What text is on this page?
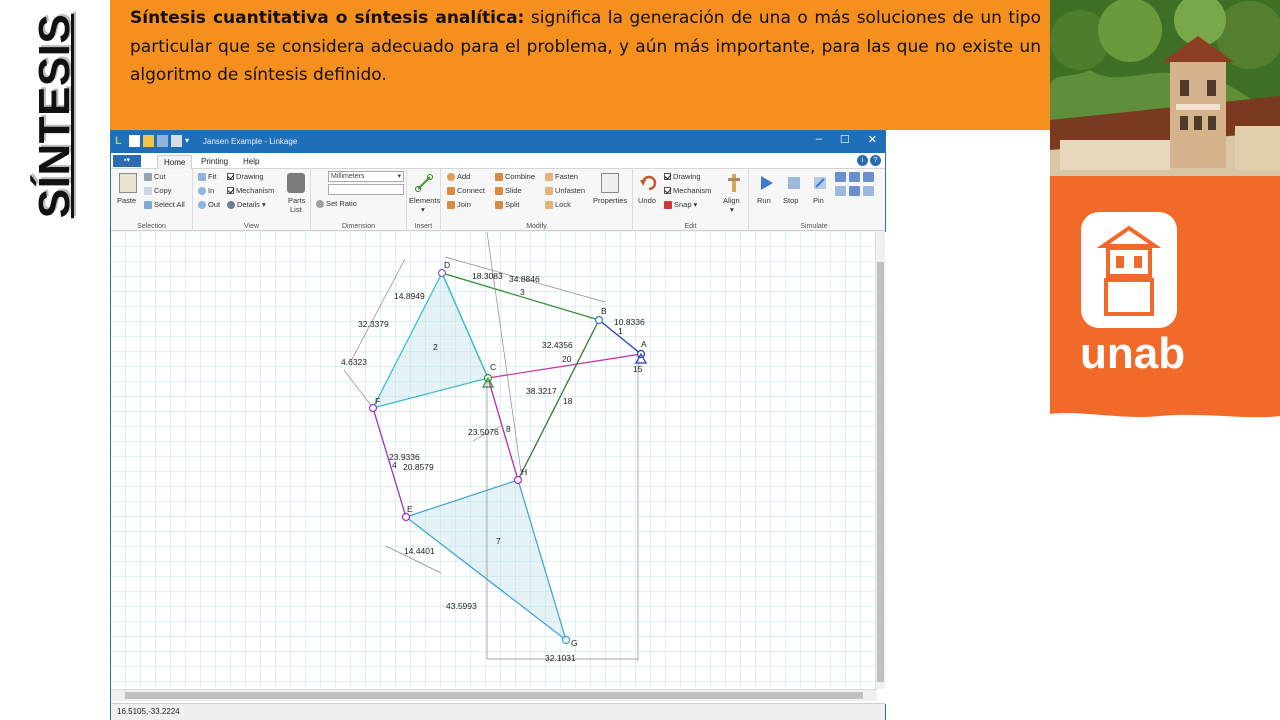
SÍNTESIS	Síntesis cuantitativa o síntesis analítica: significa la generación de una o más soluciones de un tipo particular que se considera adecuado para el problema, y aún más importante, para las que no existe un algoritmo de síntesis definido.

unab
L	▾	Jansen Example - Linkage	– ☐ ✕
▪▾	Home	Printing	Help	i	?
Paste
Cut
Copy
Select All
Selection
Fit
In
Out
Drawing
Mechanism
Details ▾	Parts
List
View
Millimeters	▾
Set Ratio
Dimension
Elements
▾
Insert
Add
Connect
Join
Combine
Slide
Split
Fasten
Unfasten
Lock	Properties
Modify
Undo
Drawing
Mechanism
Snap ▾	Align
▾
Edit
Run Stop Pin
Simulate
D
B
A
C
F
H
E
G
1
2
3
4
7
8
15
18
20
18.3083 34.8846
10.8336
14.8949
32.3379
4.6323
32.4356
38.3217
23.5076
23.9336
20.8579
14.4401
43.5993
32.1031
16.5105,-33.2224
